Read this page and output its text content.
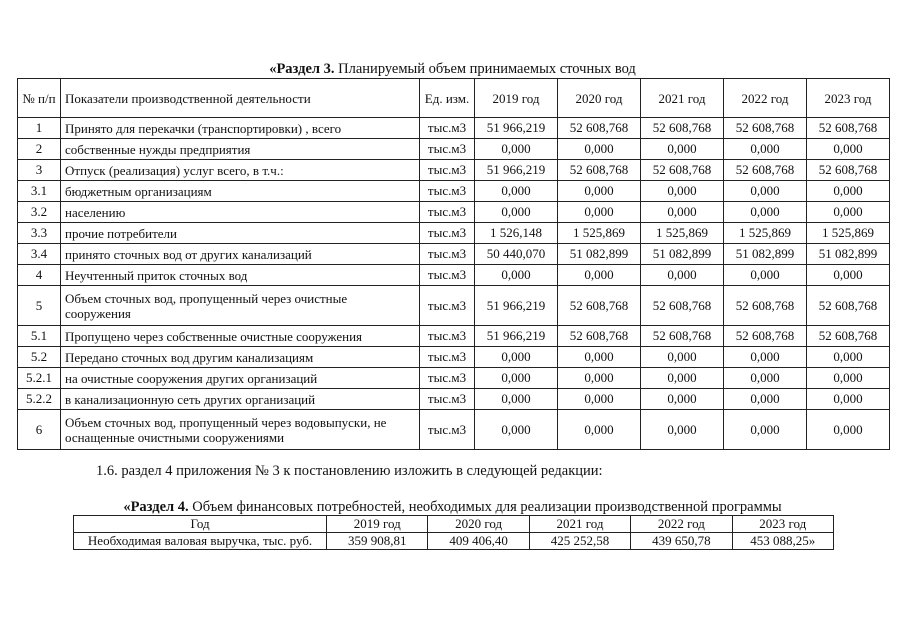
«Раздел 3. Планируемый объем принимаемых сточных вод
№ п/п	Показатели производственной деятельности	Ед. изм.	2019 год	2020 год	2021 год	2022 год	2023 год
1	Принято для перекачки (транспортировки) , всего	тыс.м3	51 966,219	52 608,768	52 608,768	52 608,768	52 608,768
2	собственные нужды предприятия	тыс.м3	0,000	0,000	0,000	0,000	0,000
3	Отпуск (реализация) услуг всего, в т.ч.:	тыс.м3	51 966,219	52 608,768	52 608,768	52 608,768	52 608,768
3.1	бюджетным организациям	тыс.м3	0,000	0,000	0,000	0,000	0,000
3.2	населению	тыс.м3	0,000	0,000	0,000	0,000	0,000
3.3	прочие потребители	тыс.м3	1 526,148	1 525,869	1 525,869	1 525,869	1 525,869
3.4	принято сточных вод от других канализаций	тыс.м3	50 440,070	51 082,899	51 082,899	51 082,899	51 082,899
4	Неучтенный приток сточных вод	тыс.м3	0,000	0,000	0,000	0,000	0,000
5	Объем сточных вод, пропущенный через очистные сооружения	тыс.м3	51 966,219	52 608,768	52 608,768	52 608,768	52 608,768
5.1	Пропущено через собственные очистные сооружения	тыс.м3	51 966,219	52 608,768	52 608,768	52 608,768	52 608,768
5.2	Передано сточных вод другим канализациям	тыс.м3	0,000	0,000	0,000	0,000	0,000
5.2.1	на очистные сооружения других организаций	тыс.м3	0,000	0,000	0,000	0,000	0,000
5.2.2	в канализационную сеть других организаций	тыс.м3	0,000	0,000	0,000	0,000	0,000
6	Объем сточных вод, пропущенный через водовыпуски, не оснащенные очистными сооружениями	тыс.м3	0,000	0,000	0,000	0,000	0,000
1.6. раздел 4 приложения № 3 к постановлению изложить в следующей редакции:
«Раздел 4. Объем финансовых потребностей, необходимых для реализации производственной программы
Год	2019 год	2020 год	2021 год	2022 год	2023 год
Необходимая валовая выручка, тыс. руб.	359 908,81	409 406,40	425 252,58	439 650,78	453 088,25»
